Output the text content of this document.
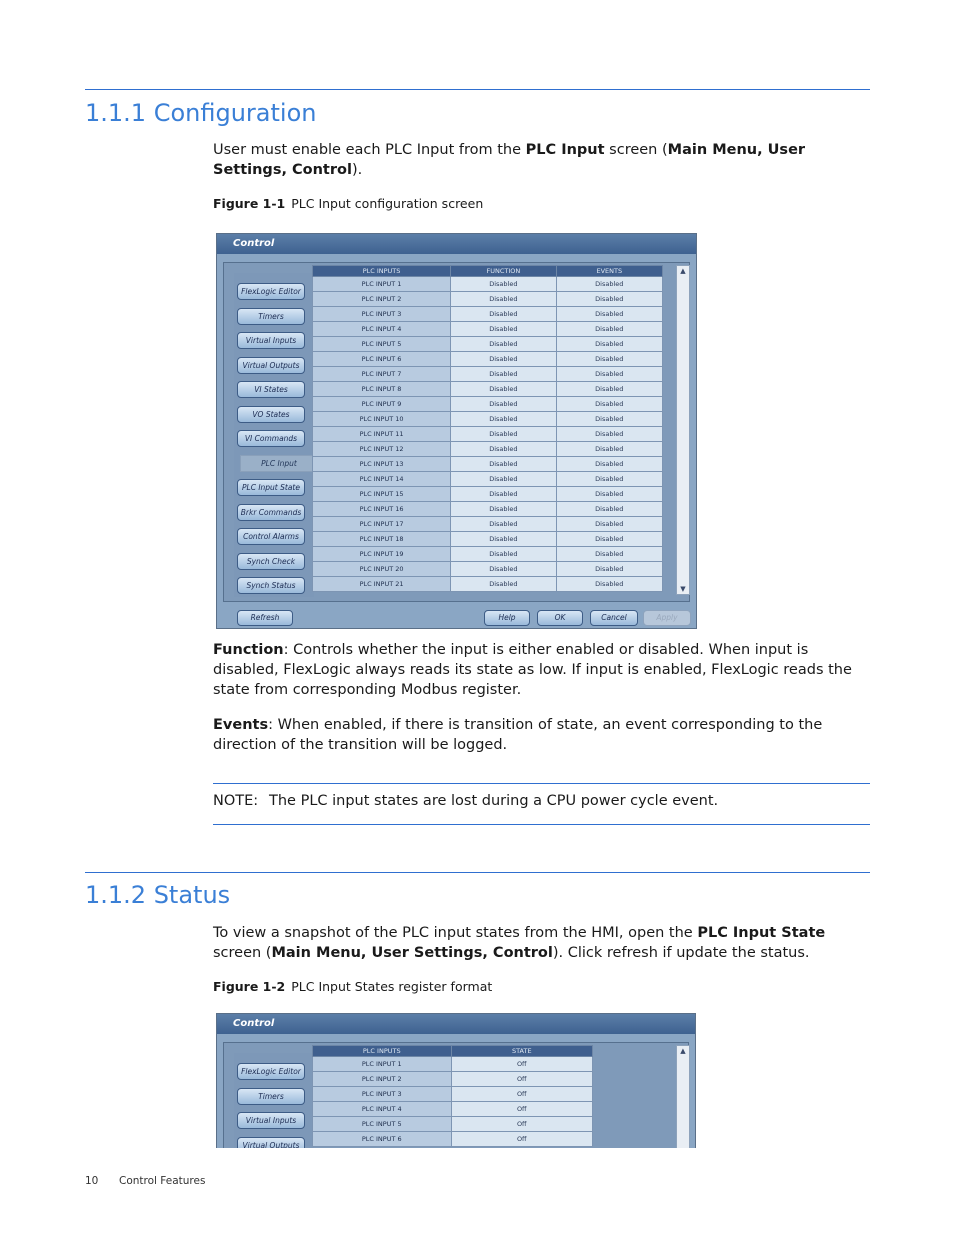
1.1.1 Configuration
User must enable each PLC Input from the PLC Input screen (Main Menu, User Settings, Control).
Figure 1-1 PLC Input configuration screen
Control
FlexLogic Editor
Timers
Virtual Inputs
Virtual Outputs
VI States
VO States
VI Commands
PLC Input
PLC Input State
Brkr Commands
Control Alarms
Synch Check
Synch Status
PLC INPUTS	FUNCTION	EVENTS
PLC INPUT 1	Disabled	Disabled
PLC INPUT 2	Disabled	Disabled
PLC INPUT 3	Disabled	Disabled
PLC INPUT 4	Disabled	Disabled
PLC INPUT 5	Disabled	Disabled
PLC INPUT 6	Disabled	Disabled
PLC INPUT 7	Disabled	Disabled
PLC INPUT 8	Disabled	Disabled
PLC INPUT 9	Disabled	Disabled
PLC INPUT 10	Disabled	Disabled
PLC INPUT 11	Disabled	Disabled
PLC INPUT 12	Disabled	Disabled
PLC INPUT 13	Disabled	Disabled
PLC INPUT 14	Disabled	Disabled
PLC INPUT 15	Disabled	Disabled
PLC INPUT 16	Disabled	Disabled
PLC INPUT 17	Disabled	Disabled
PLC INPUT 18	Disabled	Disabled
PLC INPUT 19	Disabled	Disabled
PLC INPUT 20	Disabled	Disabled
PLC INPUT 21	Disabled	Disabled
▲
▼
Refresh	Help	OK	Cancel	Apply
Function: Controls whether the input is either enabled or disabled. When input is disabled, FlexLogic always reads its state as low. If input is enabled, FlexLogic reads the state from corresponding Modbus register.
Events: When enabled, if there is transition of state, an event corresponding to the direction of the transition will be logged.
NOTE: The PLC input states are lost during a CPU power cycle event.
1.1.2 Status
To view a snapshot of the PLC input states from the HMI, open the PLC Input State screen (Main Menu, User Settings, Control). Click refresh if update the status.
Figure 1-2 PLC Input States register format
Control
FlexLogic Editor
Timers
Virtual Inputs
Virtual Outputs
PLC INPUTS	STATE
PLC INPUT 1	Off
PLC INPUT 2	Off
PLC INPUT 3	Off
PLC INPUT 4	Off
PLC INPUT 5	Off
PLC INPUT 6	Off
▲
10 Control Features
